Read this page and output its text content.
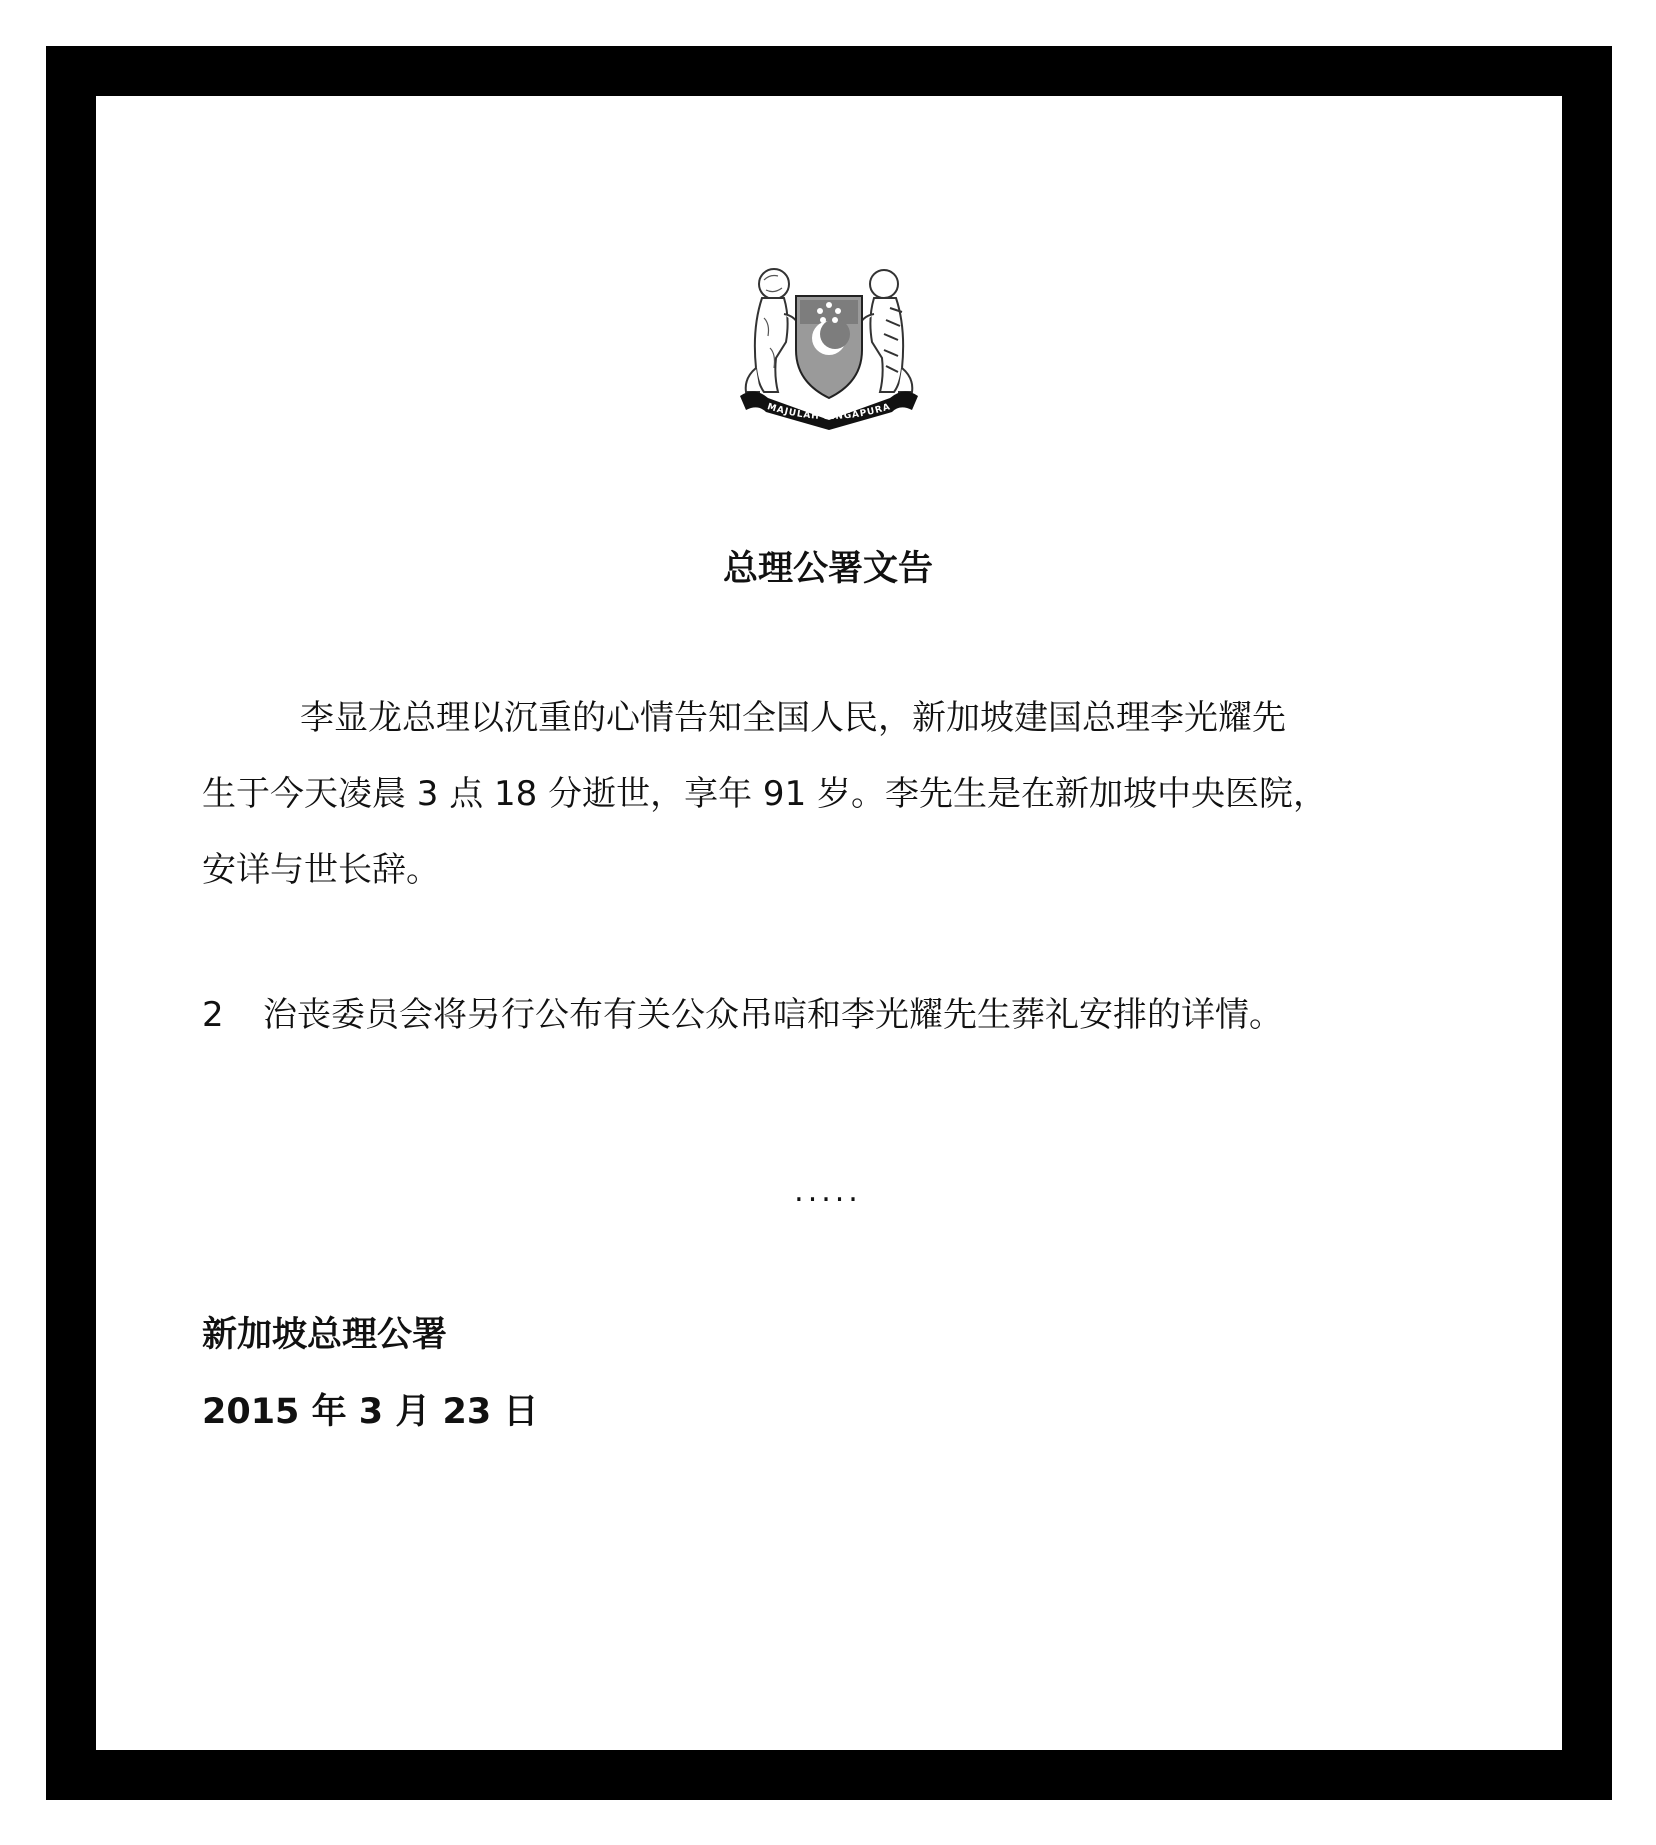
MAJULAH SINGAPURA
总理公署文告
李显龙总理以沉重的心情告知全国人民，新加坡建国总理李光耀先
生于今天凌晨 3 点 18 分逝世，享年 91 岁。李先生是在新加坡中央医院，
安详与世长辞。
2 治丧委员会将另行公布有关公众吊唁和李光耀先生葬礼安排的详情。
.....
新加坡总理公署
2015 年 3 月 23 日
